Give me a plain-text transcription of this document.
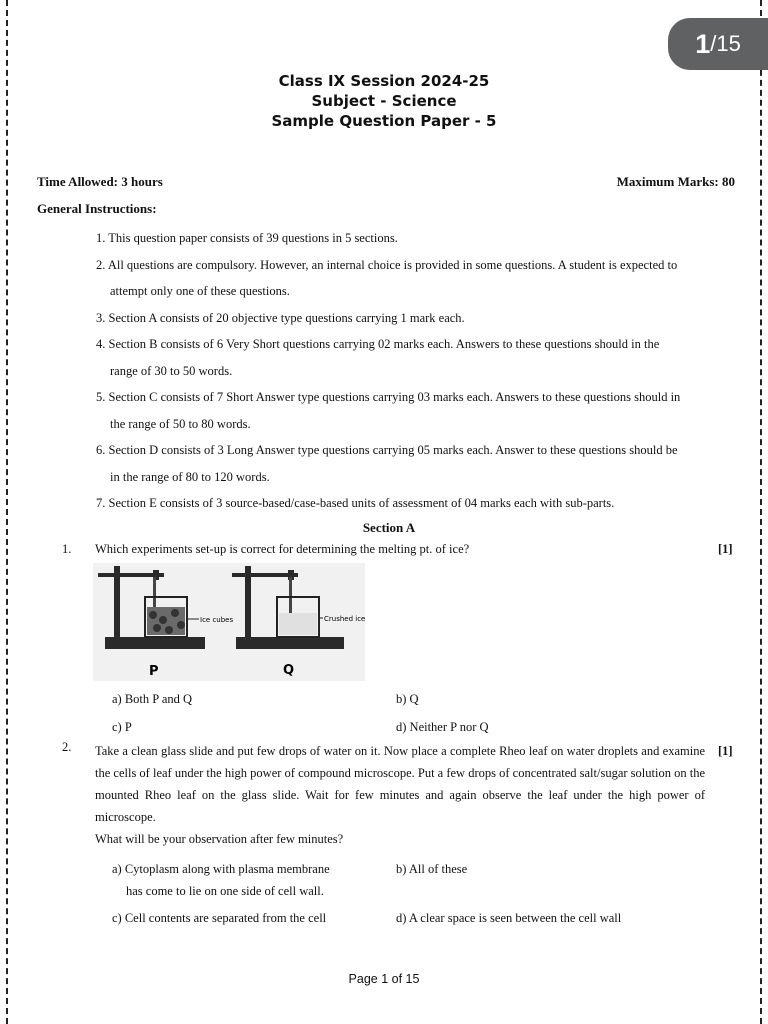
1 /15
Class IX Session 2024-25
Subject - Science
Sample Question Paper - 5
Time Allowed: 3 hours	Maximum Marks: 80
General Instructions:
1. This question paper consists of 39 questions in 5 sections.
2. All questions are compulsory. However, an internal choice is provided in some questions. A student is expected to
attempt only one of these questions.
3. Section A consists of 20 objective type questions carrying 1 mark each.
4. Section B consists of 6 Very Short questions carrying 02 marks each. Answers to these questions should in the
range of 30 to 50 words.
5. Section C consists of 7 Short Answer type questions carrying 03 marks each. Answers to these questions should in
the range of 50 to 80 words.
6. Section D consists of 3 Long Answer type questions carrying 05 marks each. Answer to these questions should be
in the range of 80 to 120 words.
7. Section E consists of 3 source-based/case-based units of assessment of 04 marks each with sub-parts.
Section A
1. Which experiments set-up is correct for determining the melting pt. of ice?	[1]
Ice cubes
P
Crushed ice
Q
a) Both P and Q	b) Q
c) P	d) Neither P nor Q
2. Take a clean glass slide and put few drops of water on it. Now place a complete Rheo leaf on water droplets and examine the cells of leaf under the high power of compound microscope. Put a few drops of concentrated salt/sugar solution on the mounted Rheo leaf on the glass slide. Wait for few minutes and again observe the leaf under the high power of microscope.
What will be your observation after few minutes?
[1]
a) Cytoplasm along with plasma membrane
has come to lie on one side of cell wall.
b) All of these
c) Cell contents are separated from the cell	d) A clear space is seen between the cell wall
Page 1 of 15
